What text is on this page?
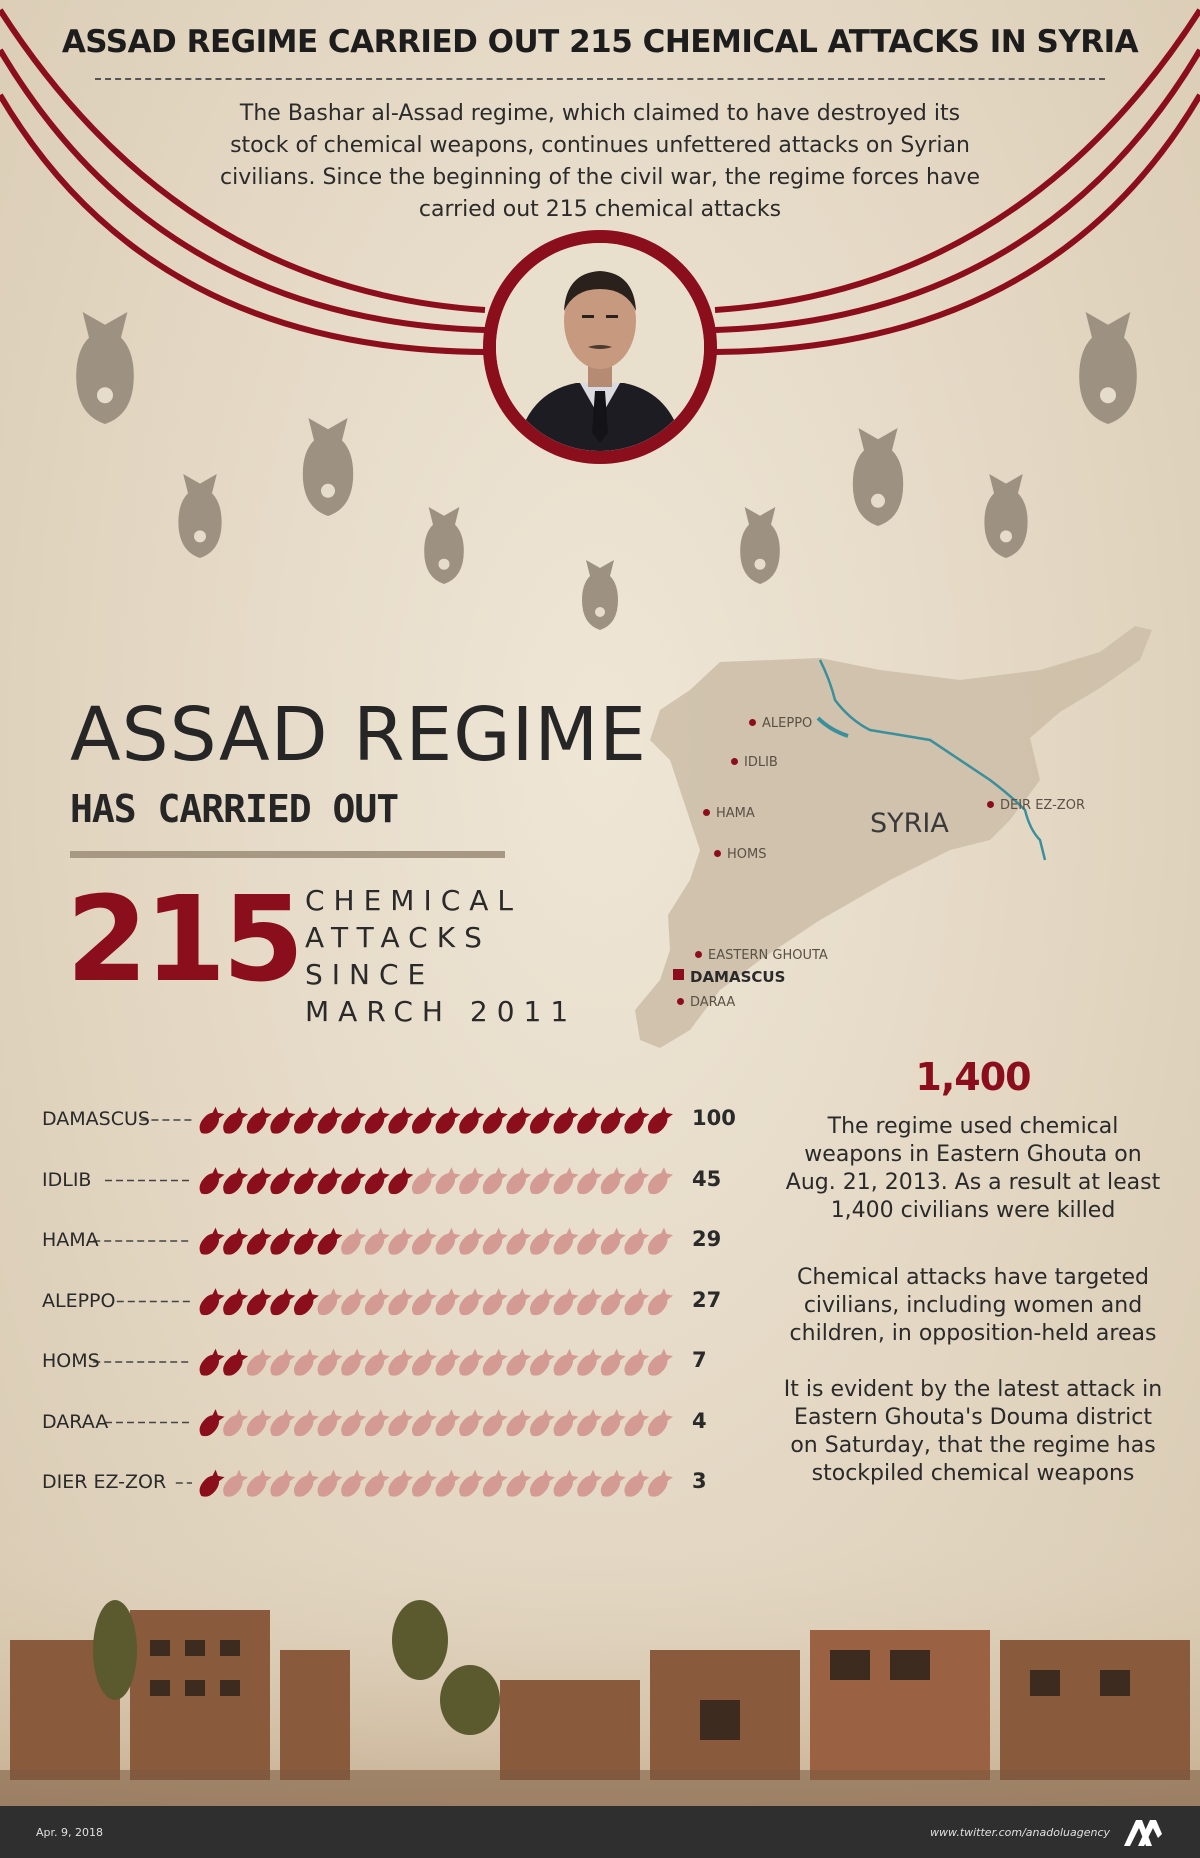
ASSAD REGIME CARRIED OUT 215 CHEMICAL ATTACKS IN SYRIA
The Bashar al-Assad regime, which claimed to have destroyed its
stock of chemical weapons, continues unfettered attacks on Syrian
civilians. Since the beginning of the civil war, the regime forces have
carried out 215 chemical attacks
ALEPPO
IDLIB
HAMA
HOMS
DEIR EZ-ZOR
EASTERN GHOUTA
DAMASCUS
DARAA
SYRIA
ASSAD REGIME
HAS CARRIED OUT
215 CHEMICAL
ATTACKS SINCE
MARCH 2011
DAMASCUS	100
IDLIB	45
HAMA	29
ALEPPO	27
HOMS	7
DARAA	4
DIER EZ-ZOR	3
1,400
The regime used chemical weapons in Eastern Ghouta on Aug. 21, 2013. As a result at least 1,400 civilians were killed
Chemical attacks have targeted civilians, including women and children, in opposition-held areas
It is evident by the latest attack in Eastern Ghouta's Douma district on Saturday, that the regime has stockpiled chemical weapons
Apr. 9, 2018	www.twitter.com/anadoluagency
